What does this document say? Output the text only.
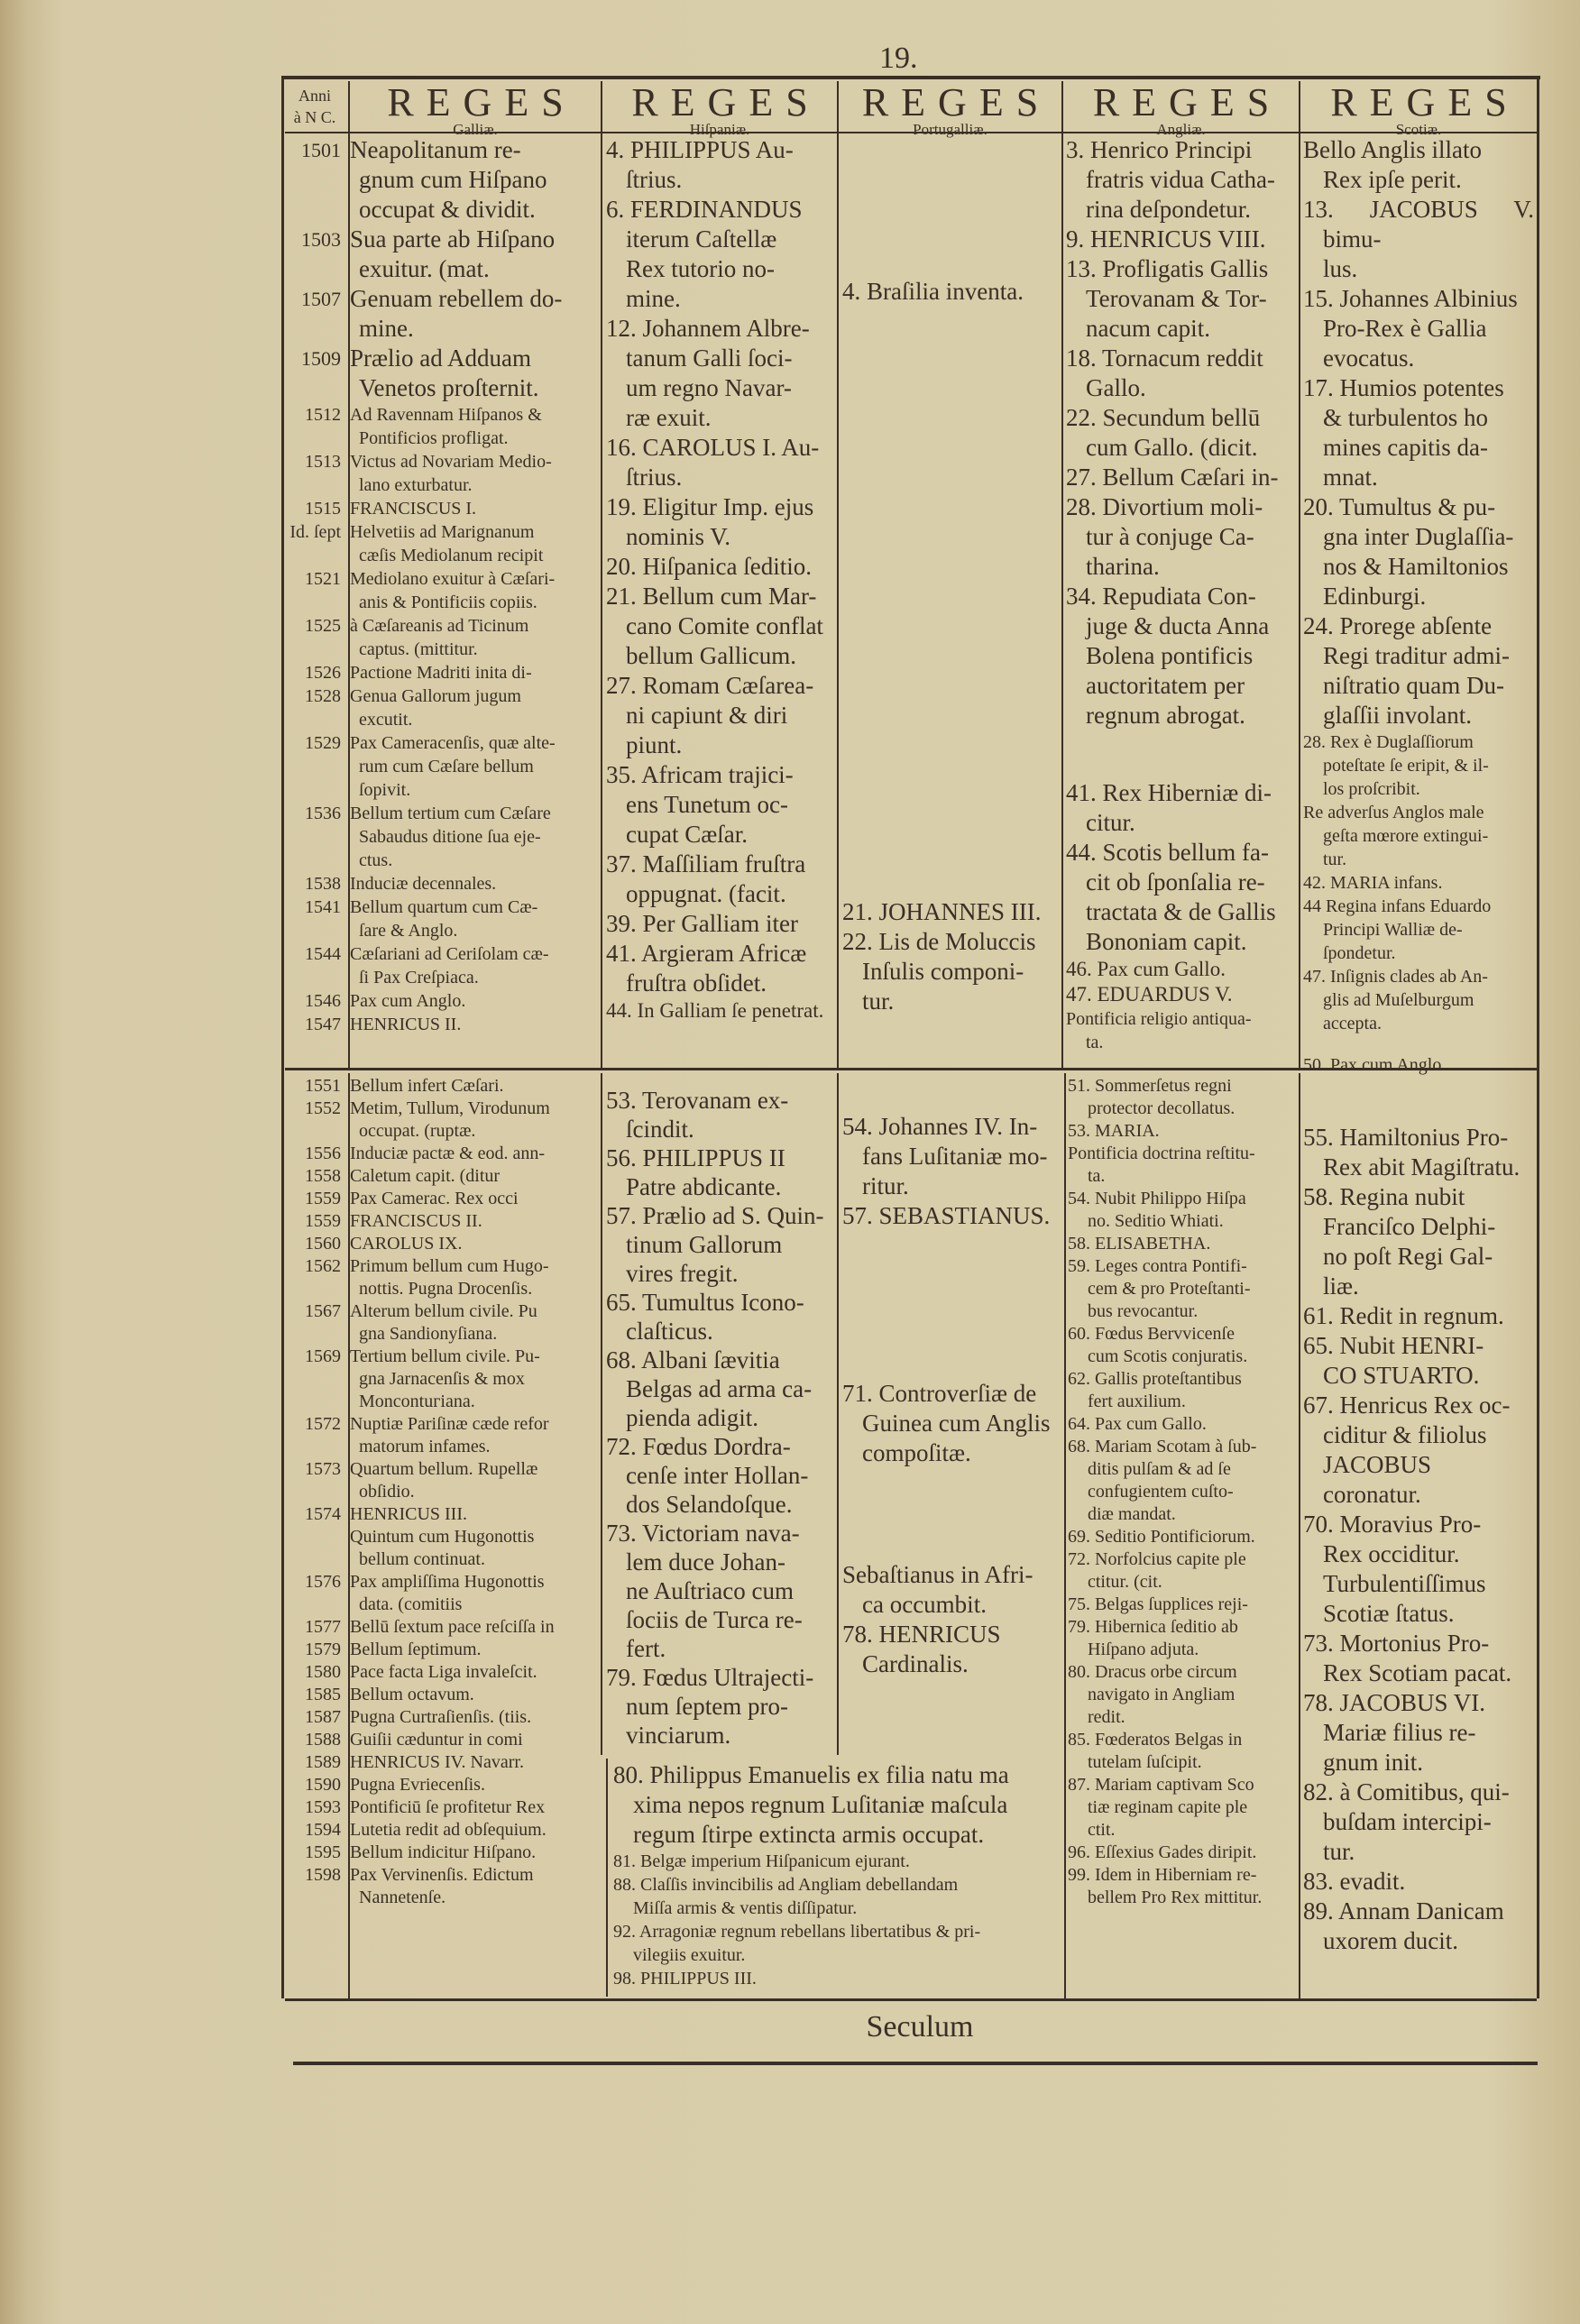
19.
Anni
à N C.	REGES
Galliæ.
REGES
Hiſpaniæ.
REGES
Portugalliæ.
REGES
Angliæ.
REGES
Scotiæ.
1501 Neapolitanum re-
gnum cum Hiſpano
occupat & dividit.
1503 Sua parte ab Hiſpano
exuitur. (mat.
1507 Genuam rebellem do-
mine.
1509 Prælio ad Adduam
Venetos proſternit.
1512 Ad Ravennam Hiſpanos &
Pontificios profligat.
1513 Victus ad Novariam Medio-
lano exturbatur.
1515 FRANCISCUS I.
Id. ſept Helvetiis ad Marignanum
cæſis Mediolanum recipit
1521 Mediolano exuitur à Cæſari-
anis & Pontificiis copiis.
1525 à Cæſareanis ad Ticinum
captus. (mittitur.
1526 Pactione Madriti inita di-
1528 Genua Gallorum jugum
excutit.
1529 Pax Cameracenſis, quæ alte-
rum cum Cæſare bellum
ſopivit.
1536 Bellum tertium cum Cæſare
Sabaudus ditione ſua eje-
ctus.
1538 Induciæ decennales.
1541 Bellum quartum cum Cæ-
ſare & Anglo.
1544 Cæſariani ad Ceriſolam cæ-
ſi Pax Creſpiaca.
1546 Pax cum Anglo.
1547 HENRICUS II.
4. PHILIPPUS Au-
ſtrius.
6. FERDINANDUS
iterum Caſtellæ
Rex tutorio no-
mine.
12. Johannem Albre-
tanum Galli ſoci-
um regno Navar-
ræ exuit.
16. CAROLUS I. Au-
ſtrius.
19. Eligitur Imp. ejus
nominis V.
20. Hiſpanica ſeditio.
21. Bellum cum Mar-
cano Comite conflat
bellum Gallicum.
27. Romam Cæſarea-
ni capiunt & diri
piunt.
35. Africam trajici-
ens Tunetum oc-
cupat Cæſar.
37. Maſſiliam fruſtra
oppugnat. (facit.
39. Per Galliam iter
41. Argieram Africæ
fruſtra obſidet.
44. In Galliam ſe penetrat.
4. Braſilia inventa.
21. JOHANNES III.
22. Lis de Moluccis
Inſulis componi-
tur.
3. Henrico Principi
fratris vidua Catha-
rina deſpondetur.
9. HENRICUS VIII.
13. Profligatis Gallis
Terovanam & Tor-
nacum capit.
18. Tornacum reddit
Gallo.
22. Secundum bellū
cum Gallo. (dicit.
27. Bellum Cæſari in-
28. Divortium moli-
tur à conjuge Ca-
tharina.
34. Repudiata Con-
juge & ducta Anna
Bolena pontificis
auctoritatem per
regnum abrogat.
41. Rex Hiberniæ di-
citur.
44. Scotis bellum fa-
cit ob ſponſalia re-
tractata & de Gallis
Bononiam capit.
46. Pax cum Gallo.
47. EDUARDUS V.
Pontificia religio antiqua-
ta.
Bello Anglis illato
Rex ipſe perit.
13. JACOBUS V. bimu-
lus.
15. Johannes Albinius
Pro-Rex è Gallia
evocatus.
17. Humios potentes
& turbulentos ho
mines capitis da-
mnat.
20. Tumultus & pu-
gna inter Duglaſſia-
nos & Hamiltonios
Edinburgi.
24. Prorege abſente
Regi traditur admi-
niſtratio quam Du-
glaſſii involant.
28. Rex è Duglaſſiorum
poteſtate ſe eripit, & il-
los proſcribit.
Re adverſus Anglos male
geſta mœrore extingui-
tur.
42. MARIA infans.
44 Regina infans Eduardo
Principi Walliæ de-
ſpondetur.
47. Inſignis clades ab An-
glis ad Muſelburgum
accepta.
50. Pax cum Anglo.
1551 Bellum infert Cæſari.
1552 Metim, Tullum, Virodunum
occupat. (ruptæ.
1556 Induciæ pactæ & eod. ann-
1558 Caletum capit. (ditur
1559 Pax Camerac. Rex occi
1559 FRANCISCUS II.
1560 CAROLUS IX.
1562 Primum bellum cum Hugo-
nottis. Pugna Drocenſis.
1567 Alterum bellum civile. Pu
gna Sandionyſiana.
1569 Tertium bellum civile. Pu-
gna Jarnacenſis & mox
Moncontuгiana.
1572 Nuptiæ Pariſinæ cæde refor
matorum infames.
1573 Quartum bellum. Rupellæ
obſidio.
1574 HENRICUS III.
Quintum cum Hugonottis
bellum continuat.
1576 Pax ampliſſima Hugonottis
data. (comitiis
1577 Bellū ſextum pace reſciſſa in
1579 Bellum ſeptimum.
1580 Pace facta Liga invaleſcit.
1585 Bellum octavum.
1587 Pugna Curtraſienſis. (tiis.
1588 Guiſii cæduntur in comi
1589 HENRICUS IV. Navarr.
1590 Pugna Evriecenſis.
1593 Pontificiū ſe profitetur Rex
1594 Lutetia redit ad obſequium.
1595 Bellum indicitur Hiſpano.
1598 Pax Vervinenſis. Edictum
Nannetenſe.
53. Terovanam ex-
ſcindit.
56. PHILIPPUS II
Patre abdicante.
57. Prælio ad S. Quin-
tinum Gallorum
vires fregit.
65. Tumultus Icono-
claſticus.
68. Albani ſævitia
Belgas ad arma ca-
pienda adigit.
72. Fœdus Dordra-
cenſe inter Hollan-
dos Selandoſque.
73. Victoriam nava-
lem duce Johan-
ne Auſtriaco cum
ſociis de Turca re-
fert.
79. Fœdus Ultrajecti-
num ſeptem pro-
vinciarum.
54. Johannes IV. In-
fans Luſitaniæ mo-
ritur.
57. SEBASTIANUS.
71. Controverſiæ de
Guinea cum Anglis
compoſitæ.
Sebaſtianus in Afri-
ca occumbit.
78. HENRICUS
Cardinalis.
80. Philippus Emanuelis ex filia natu ma
xima nepos regnum Luſitaniæ maſcula
regum ſtirpe extincta armis occupat.
81. Belgæ imperium Hiſpanicum ejurant.
88. Claſſis invincibilis ad Angliam debellandam
Miſſa armis & ventis diſſipatur.
92. Arragoniæ regnum rebellans libertatibus & pri-
vilegiis exuitur.
98. PHILIPPUS III.
51. Sommerſetus regni
protector decollatus.
53. MARIA.
Pontificia doctrina reſtitu-
ta.
54. Nubit Philippo Hiſpa
no. Seditio Whiati.
58. ELISABETHA.
59. Leges contra Pontifi-
cem & pro Proteſtanti-
bus revocantur.
60. Fœdus Bervvicenſe
cum Scotis conjuratis.
62. Gallis proteſtantibus
fert auxilium.
64. Pax cum Gallo.
68. Mariam Scotam à ſub-
ditis pulſam & ad ſe
confugientem cuſto-
diæ mandat.
69. Seditio Pontificiorum.
72. Norfolcius capite ple
ctitur. (cit.
75. Belgas ſupplices reji-
79. Hibernica ſeditio ab
Hiſpano adjuta.
80. Dracus orbe circum
navigato in Angliam
redit.
85. Fœderatos Belgas in
tutelam ſuſcipit.
87. Mariam captivam Sco
tiæ reginam capite ple
ctit.
96. Eſſexius Gades diripit.
99. Idem in Hiberniam re-
bellem Pro Rex mittitur.
55. Hamiltonius Pro-
Rex abit Magiſtratu.
58. Regina nubit
Franciſco Delphi-
no poſt Regi Gal-
liæ.
61. Redit in regnum.
65. Nubit HENRI-
CO STUARTO.
67. Henricus Rex oc-
ciditur & filiolus
JACOBUS coronatur.
70. Moravius Pro-
Rex occiditur.
Turbulentiſſimus
Scotiæ ſtatus.
73. Mortonius Pro-
Rex Scotiam pacat.
78. JACOBUS VI.
Mariæ filius re-
gnum init.
82. à Comitibus, qui-
buſdam intercipi-
tur.
83. evadit.
89. Annam Danicam
uxorem ducit.
Seculum
